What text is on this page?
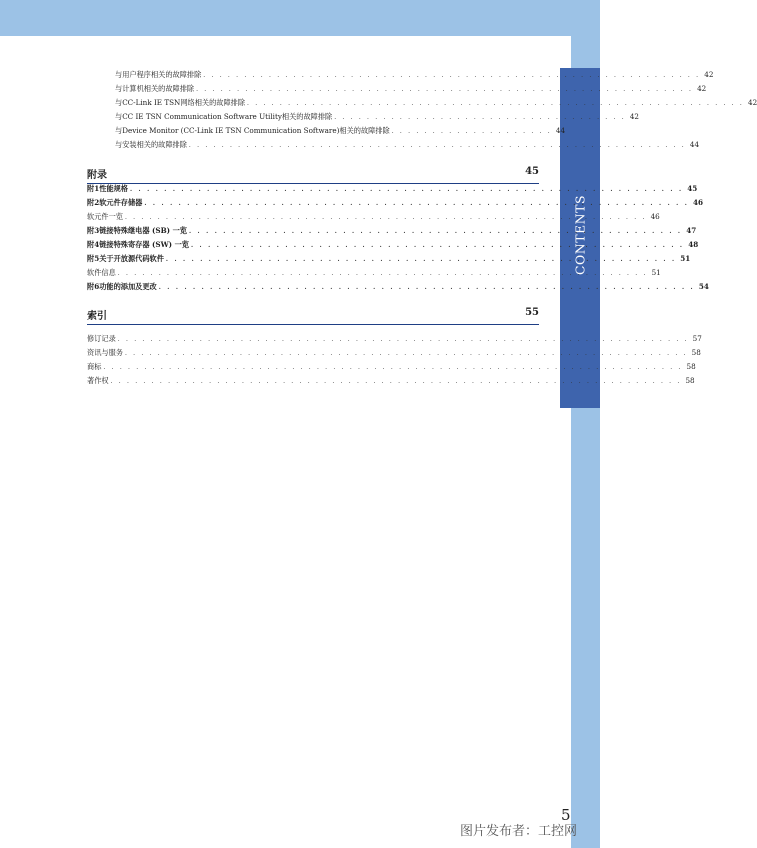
CONTENTS
与用户程序相关的故障排除 . . . . . . . . . . . . . . . . . . . . . . . . . . . . . . . . . . . . . . . . . . . . . . . . . . . . . . . . . . . . . 42
与计算机相关的故障排除 . . . . . . . . . . . . . . . . . . . . . . . . . . . . . . . . . . . . . . . . . . . . . . . . . . . . . . . . . . . . . 42
与CC-Link IE TSN网络相关的故障排除 . . . . . . . . . . . . . . . . . . . . . . . . . . . . . . . . . . . . . . . . . . . . . . . . . . . . . . . . . . . . . 42
与CC IE TSN Communication Software Utility相关的故障排除 . . . . . . . . . . . . . . . . . . . . . . . . . . . . . . . . . . . . 42
与Device Monitor (CC-Link IE TSN Communication Software)相关的故障排除 . . . . . . . . . . . . . . . . . . . . 44
与安装相关的故障排除 . . . . . . . . . . . . . . . . . . . . . . . . . . . . . . . . . . . . . . . . . . . . . . . . . . . . . . . . . . . . . 44
附录	45
附1 性能规格 . . . . . . . . . . . . . . . . . . . . . . . . . . . . . . . . . . . . . . . . . . . . . . . . . . . . . . . . . . . . . . . . . 45
附2 软元件存储器 . . . . . . . . . . . . . . . . . . . . . . . . . . . . . . . . . . . . . . . . . . . . . . . . . . . . . . . . . . . . . . . . 46
软元件一览 . . . . . . . . . . . . . . . . . . . . . . . . . . . . . . . . . . . . . . . . . . . . . . . . . . . . . . . . . . . . . . . . 46
附3 链接特殊继电器 (SB) 一览 . . . . . . . . . . . . . . . . . . . . . . . . . . . . . . . . . . . . . . . . . . . . . . . . . . . . . . . . . . 47
附4 链接特殊寄存器 (SW) 一览 . . . . . . . . . . . . . . . . . . . . . . . . . . . . . . . . . . . . . . . . . . . . . . . . . . . . . . . . . . 48
附5 关于开放源代码软件 . . . . . . . . . . . . . . . . . . . . . . . . . . . . . . . . . . . . . . . . . . . . . . . . . . . . . . . . . . . . 51
软件信息 . . . . . . . . . . . . . . . . . . . . . . . . . . . . . . . . . . . . . . . . . . . . . . . . . . . . . . . . . . . . . . . . . 51
附6 功能的添加及更改 . . . . . . . . . . . . . . . . . . . . . . . . . . . . . . . . . . . . . . . . . . . . . . . . . . . . . . . . . . . . . . . 54
索引	55
修订记录 . . . . . . . . . . . . . . . . . . . . . . . . . . . . . . . . . . . . . . . . . . . . . . . . . . . . . . . . . . . . . . . . . . . . . . 57
资讯与服务 . . . . . . . . . . . . . . . . . . . . . . . . . . . . . . . . . . . . . . . . . . . . . . . . . . . . . . . . . . . . . . . . . . . . . 58
商标 . . . . . . . . . . . . . . . . . . . . . . . . . . . . . . . . . . . . . . . . . . . . . . . . . . . . . . . . . . . . . . . . . . . . . . . 58
著作权 . . . . . . . . . . . . . . . . . . . . . . . . . . . . . . . . . . . . . . . . . . . . . . . . . . . . . . . . . . . . . . . . . . . . . . 58
5
图片发布者：工控网
